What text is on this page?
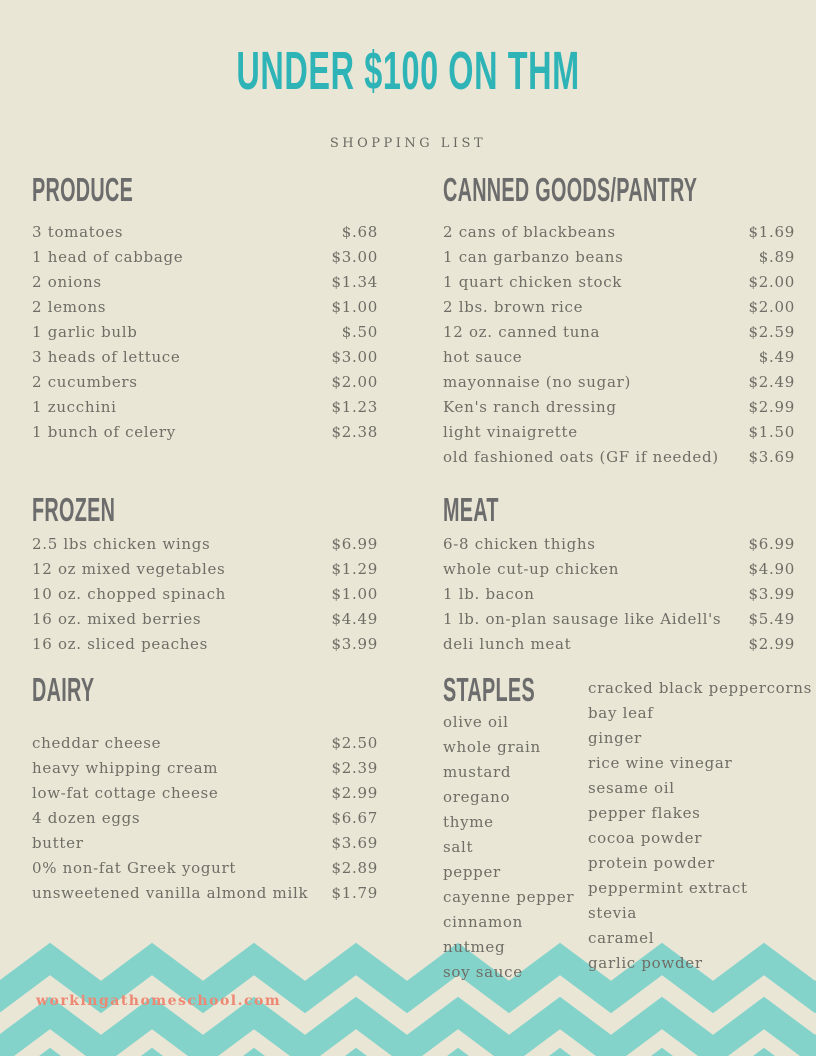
UNDER $100 ON THM
SHOPPING LIST
PRODUCE
3 tomatoes	$.68
1 head of cabbage	$3.00
2 onions	$1.34
2 lemons	$1.00
1 garlic bulb	$.50
3 heads of lettuce	$3.00
2 cucumbers	$2.00
1 zucchini	$1.23
1 bunch of celery	$2.38
CANNED GOODS/PANTRY
2 cans of blackbeans	$1.69
1 can garbanzo beans	$.89
1 quart chicken stock	$2.00
2 lbs. brown rice	$2.00
12 oz. canned tuna	$2.59
hot sauce	$.49
mayonnaise (no sugar)	$2.49
Ken's ranch dressing	$2.99
light vinaigrette	$1.50
old fashioned oats (GF if needed) $3.69
FROZEN
2.5 lbs chicken wings	$6.99
12 oz mixed vegetables	$1.29
10 oz. chopped spinach	$1.00
16 oz. mixed berries	$4.49
16 oz. sliced peaches	$3.99
MEAT
6-8 chicken thighs	$6.99
whole cut-up chicken	$4.90
1 lb. bacon	$3.99
1 lb. on-plan sausage like Aidell's $5.49
deli lunch meat	$2.99
DAIRY
cheddar cheese	$2.50
heavy whipping cream	$2.39
low-fat cottage cheese	$2.99
4 dozen eggs	$6.67
butter	$3.69
0% non-fat Greek yogurt	$2.89
unsweetened vanilla almond milk $1.79
STAPLES
olive oil
whole grain mustard
oregano
thyme
salt
pepper
cayenne pepper
cinnamon
nutmeg
soy sauce
cracked black peppercorns
bay leaf
ginger
rice wine vinegar
sesame oil
pepper flakes
cocoa powder
protein powder
peppermint extract
stevia
caramel
garlic powder
workingathomeschool.com
